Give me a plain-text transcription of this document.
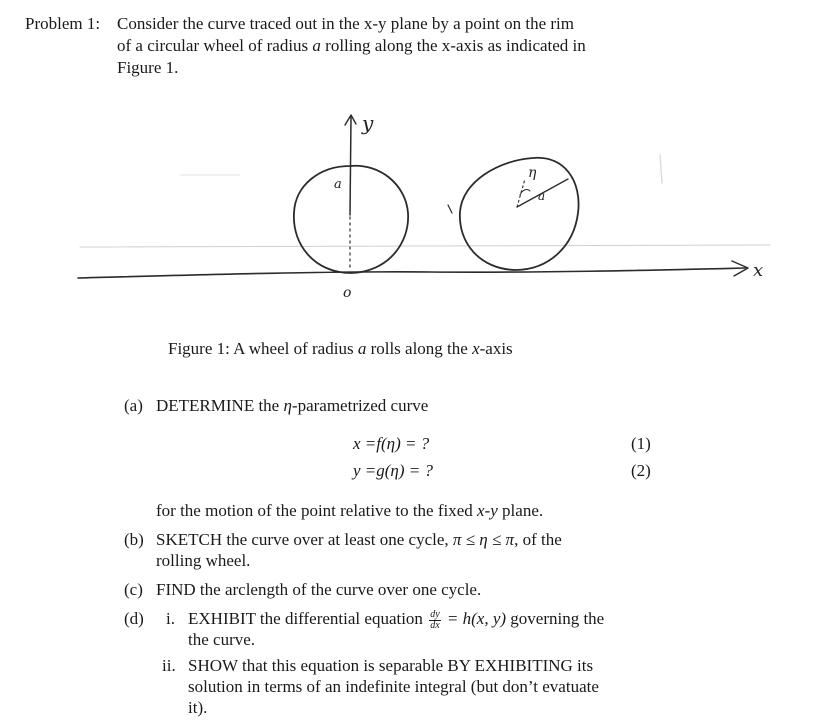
Problem 1: Consider the curve traced out in the x-y plane by a point on the rim
of a circular wheel of radius a rolling along the x-axis as indicated in
Figure 1.
y
a
o
η
a
x
Figure 1: A wheel of radius a rolls along the x-axis
(a) DETERMINE the η-parametrized curve
x =f(η) = ?
y =g(η) = ?
(1)
(2)
for the motion of the point relative to the fixed x-y plane.
(b) SKETCH the curve over at least one cycle, π ≤ η ≤ π, of the
rolling wheel.
(c) FIND the arclength of the curve over one cycle.
(d) i. EXHIBIT the differential equation $\frac{dy}{dx} = h(x$, y) governing the
the curve.
ii. SHOW that this equation is separable BY EXHIBITING its
solution in terms of an indefinite integral (but don’t evatuate
it).
